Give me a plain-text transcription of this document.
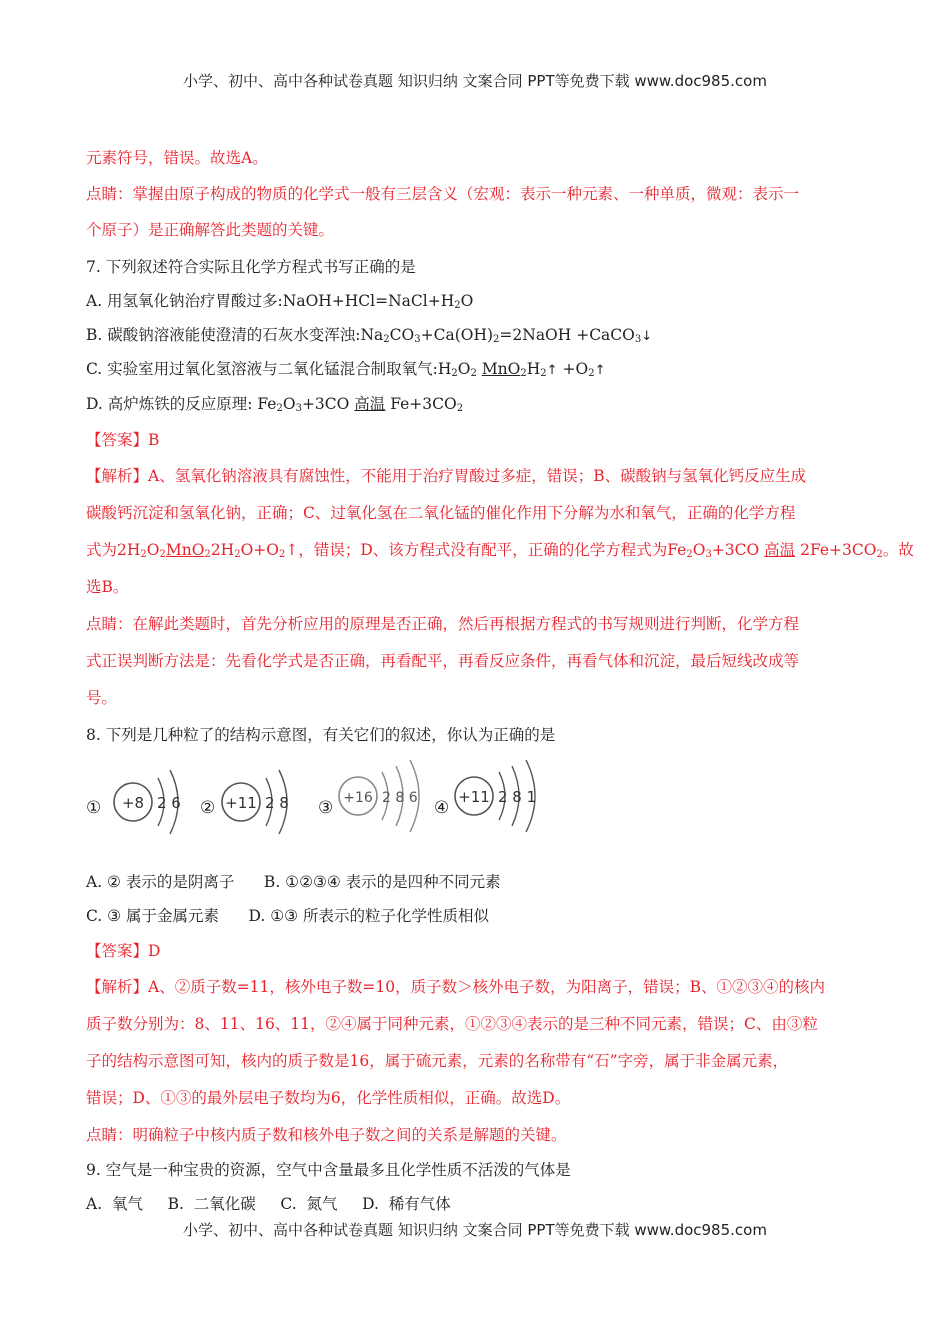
小学、初中、高中各种试卷真题 知识归纳 文案合同 PPT等免费下载 www.doc985.com
元素符号，错误。故选A。
点睛：掌握由原子构成的物质的化学式一般有三层含义（宏观：表示一种元素、一种单质，微观：表示一
个原子）是正确解答此类题的关键。
7. 下列叙述符合实际且化学方程式书写正确的是
A. 用氢氧化钠治疗胃酸过多$:NaOH+HCl=NaCl+H_2O$
B. 碳酸钠溶液能使澄清的石灰水变浑浊$:Na_2CO_3+Ca(OH)_2=2NaOH$ +CaCO$_3$↓
C. 实验室用过氧化氢溶液与二氧化锰混合制取氧气$:H_2O_2$ $MnO_2H_2↑$ $+O_2↑$
D. 高炉炼铁的反应原理: $Fe_2O_3+3CO$ 高温 $Fe+3CO_2$
【答案】B
【解析】A、氢氧化钠溶液具有腐蚀性，不能用于治疗胃酸过多症，错误；B、碳酸钠与氢氧化钙反应生成
碳酸钙沉淀和氢氧化钠，正确；C、过氧化氢在二氧化锰的催化作用下分解为水和氧气，正确的化学方程
式为$2H_2O_2MnO_22H_2O+O_2↑$，错误；D、该方程式没有配平，正确的化学方程式为$Fe_2O_3+3CO$ 高温 $2Fe+3CO_2$。故
选B。
点睛：在解此类题时，首先分析应用的原理是否正确，然后再根据方程式的书写规则进行判断，化学方程
式正误判断方法是：先看化学式是否正确，再看配平，再看反应条件，再看气体和沉淀，最后短线改成等
号。
8. 下列是几种粒了的结构示意图，有关它们的叙述，你认为正确的是
① +8 2 6 ② +11 2 8 ③ +16 2 8 6 ④
+11 2 8 1
A. ② 表示的是阴离子      B. ①②③④ 表示的是四种不同元素
C. ③ 属于金属元素      D. ①③ 所表示的粒子化学性质相似
【答案】D
【解析】A、②质子数=11，核外电子数=10，质子数＞核外电子数，为阳离子，错误；B、①②③④的核内
质子数分别为：8、11、16、11，②④属于同种元素，①②③④表示的是三种不同元素，错误；C、由③粒
子的结构示意图可知，核内的质子数是16，属于硫元素，元素的名称带有“石”字旁，属于非金属元素，
错误；D、①③的最外层电子数均为6，化学性质相似，正确。故选D。
点睛：明确粒子中核内质子数和核外电子数之间的关系是解题的关键。
9. 空气是一种宝贵的资源，空气中含量最多且化学性质不活泼的气体是
A.  氧气     B.  二氧化碳     C.  氮气     D.  稀有气体
小学、初中、高中各种试卷真题 知识归纳 文案合同 PPT等免费下载 www.doc985.com
